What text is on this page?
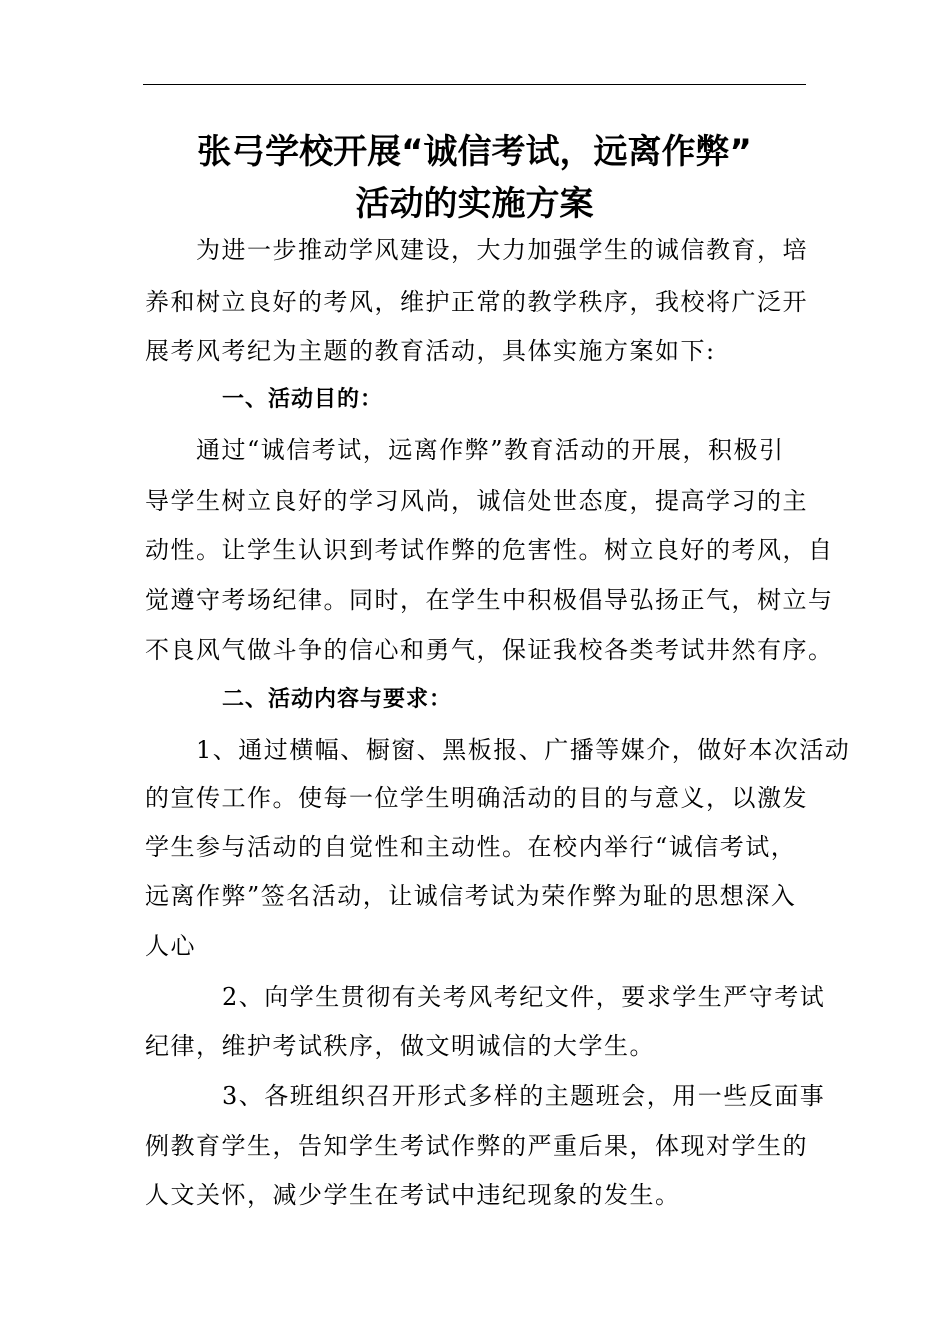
张弓学校开展“诚信考试，远离作弊”
活动的实施方案
为进一步推动学风建设，大力加强学生的诚信教育，培
养和树立良好的考风，维护正常的教学秩序，我校将广泛开
展考风考纪为主题的教育活动，具体实施方案如下:
一、活动目的：
通过“诚信考试，远离作弊”教育活动的开展，积极引
导学生树立良好的学习风尚，诚信处世态度，提高学习的主
动性。让学生认识到考试作弊的危害性。树立良好的考风，自
觉遵守考场纪律。同时，在学生中积极倡导弘扬正气，树立与
不良风气做斗争的信心和勇气，保证我校各类考试井然有序。
二、活动内容与要求：
1、通过横幅、橱窗、黑板报、广播等媒介，做好本次活动
的宣传工作。使每一位学生明确活动的目的与意义，以激发
学生参与活动的自觉性和主动性。在校内举行“诚信考试，
远离作弊”签名活动，让诚信考试为荣作弊为耻的思想深入
人心
2、向学生贯彻有关考风考纪文件，要求学生严守考试
纪律，维护考试秩序，做文明诚信的大学生。
3、各班组织召开形式多样的主题班会，用一些反面事
例教育学生，告知学生考试作弊的严重后果，体现对学生的
人文关怀，减少学生在考试中违纪现象的发生。
